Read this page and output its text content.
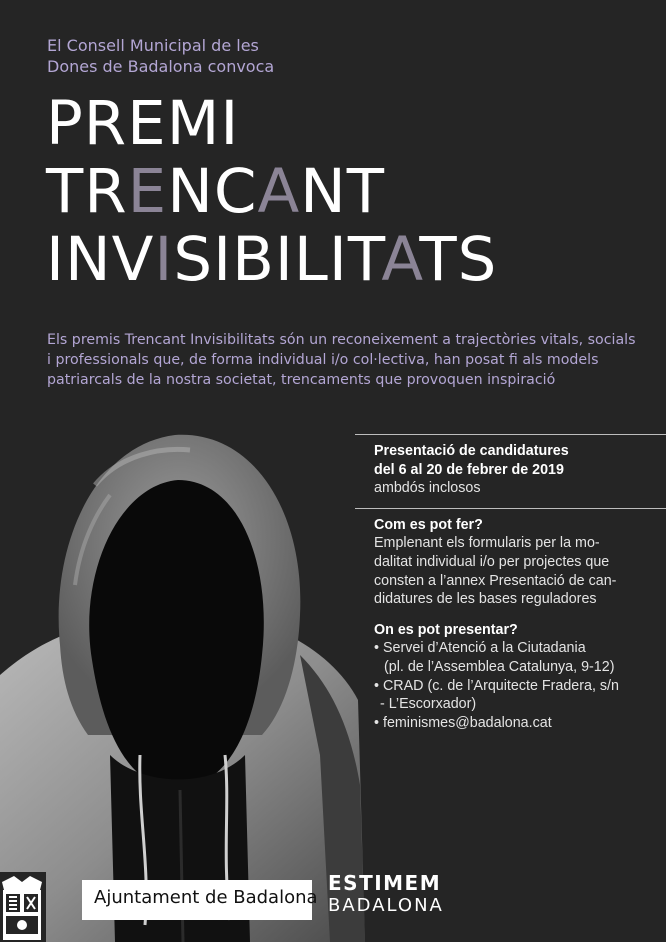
El Consell Municipal de les
Dones de Badalona convoca
PREMI
TRENCANT
INVISIBILITATS
Els premis Trencant Invisibilitats són un reconeixement a trajectòries vitals, socials
i professionals que, de forma individual i/o col·lectiva, han posat fi als models
patriarcals de la nostra societat, trencaments que provoquen inspiració
Presentació de candidatures
del 6 al 20 de febrer de 2019
ambdós inclosos
Com es pot fer?
Emplenant els formularis per la mo-
dalitat individual i/o per projectes que
consten a l’annex Presentació de can-
didatures de les bases reguladores
On es pot presentar?
• Servei d’Atenció a la Ciutadania
(pl. de l’Assemblea Catalunya, 9-12)
• CRAD (c. de l’Arquitecte Fradera, s/n
- L’Escorxador)
• feminismes@badalona.cat
Ajuntament de Badalona
ESTIMEM
BADALONA
